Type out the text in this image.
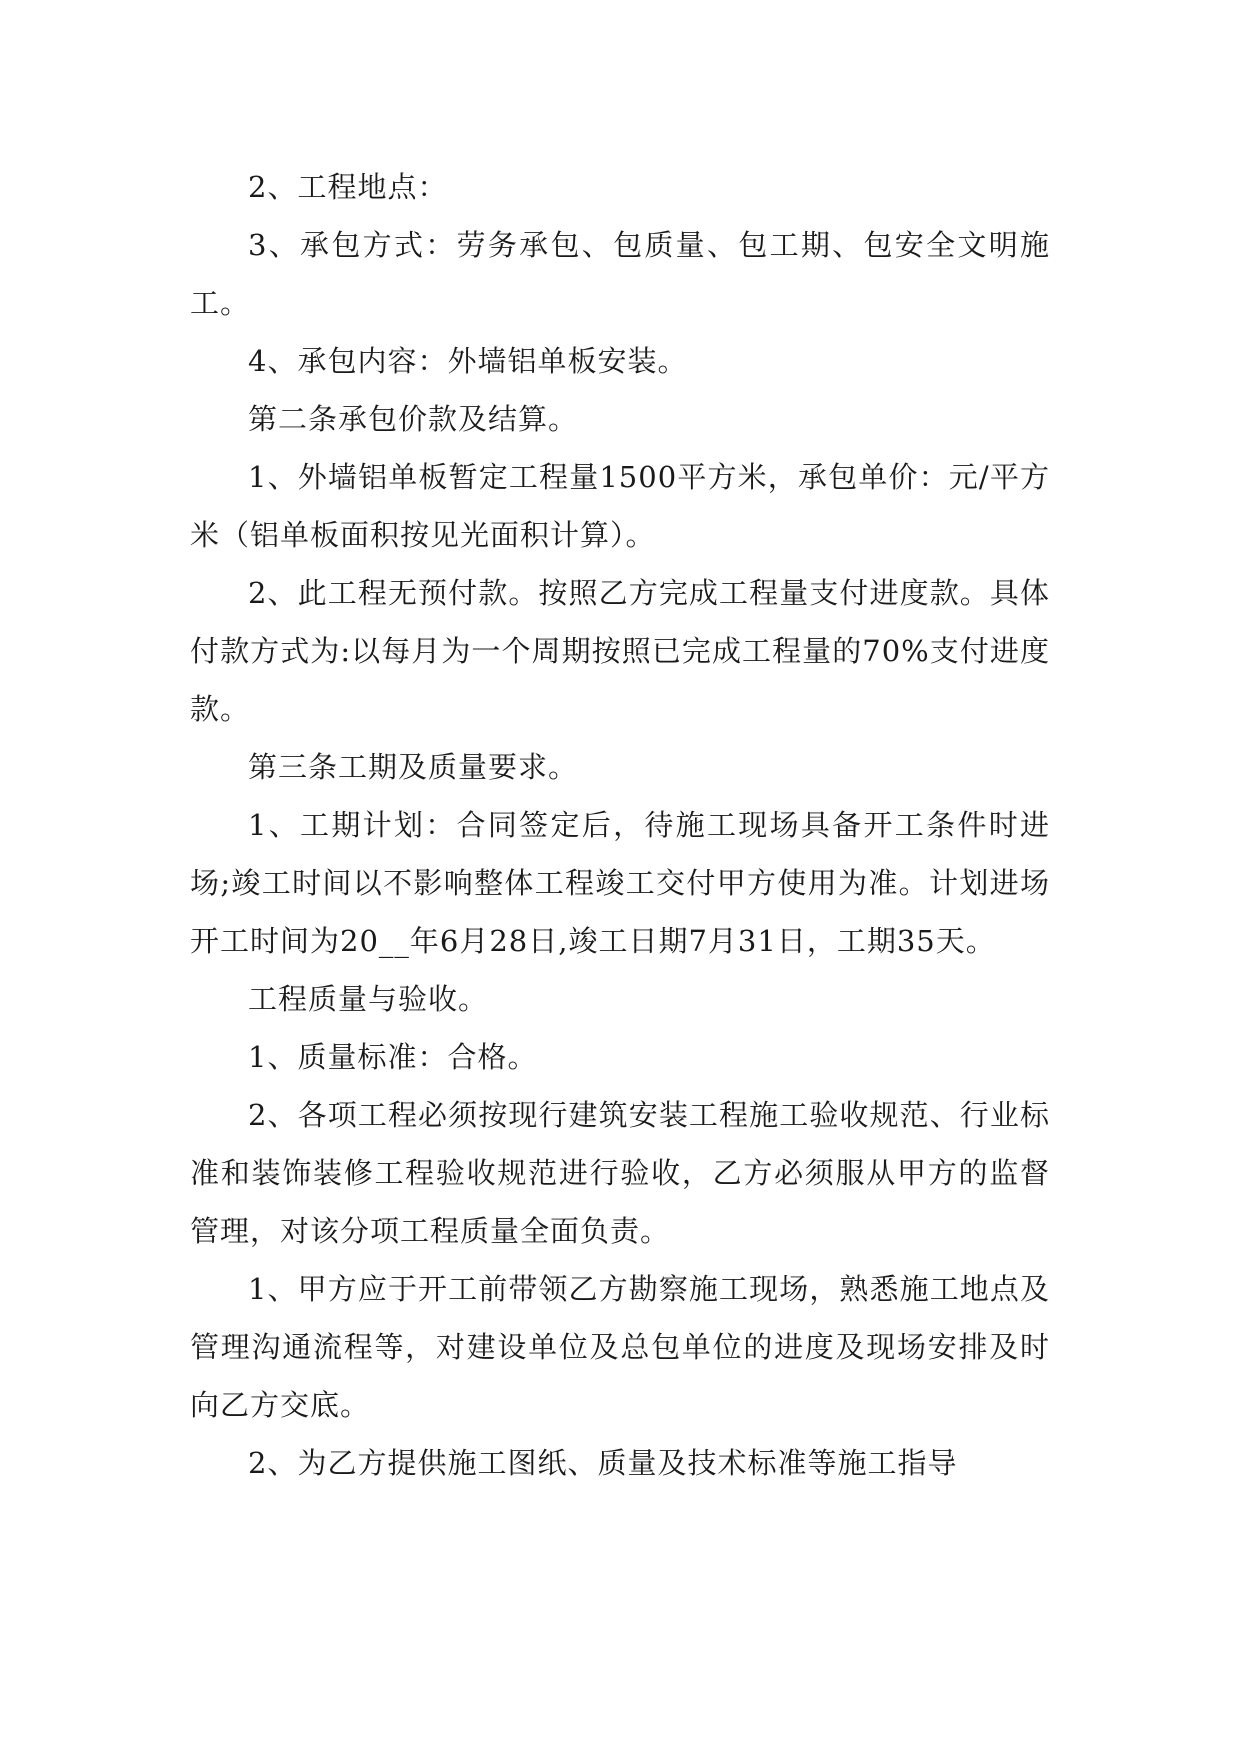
2、工程地点：

3、承包方式：劳务承包、包质量、包工期、包安全文明施工。

4、承包内容：外墙铝单板安装。

第二条承包价款及结算。

1、外墙铝单板暂定工程量1500平方米，承包单价：元/平方米（铝单板面积按见光面积计算）。

2、此工程无预付款。按照乙方完成工程量支付进度款。具体付款方式为:以每月为一个周期按照已完成工程量的70%支付进度款。

第三条工期及质量要求。

1、工期计划：合同签定后，待施工现场具备开工条件时进场;竣工时间以不影响整体工程竣工交付甲方使用为准。计划进场开工时间为20__年6月28日,竣工日期7月31日，工期35天。

工程质量与验收。

1、质量标准：合格。

2、各项工程必须按现行建筑安装工程施工验收规范、行业标准和装饰装修工程验收规范进行验收，乙方必须服从甲方的监督管理，对该分项工程质量全面负责。

1、甲方应于开工前带领乙方勘察施工现场，熟悉施工地点及管理沟通流程等，对建设单位及总包单位的进度及现场安排及时向乙方交底。

2、为乙方提供施工图纸、质量及技术标准等施工指导
